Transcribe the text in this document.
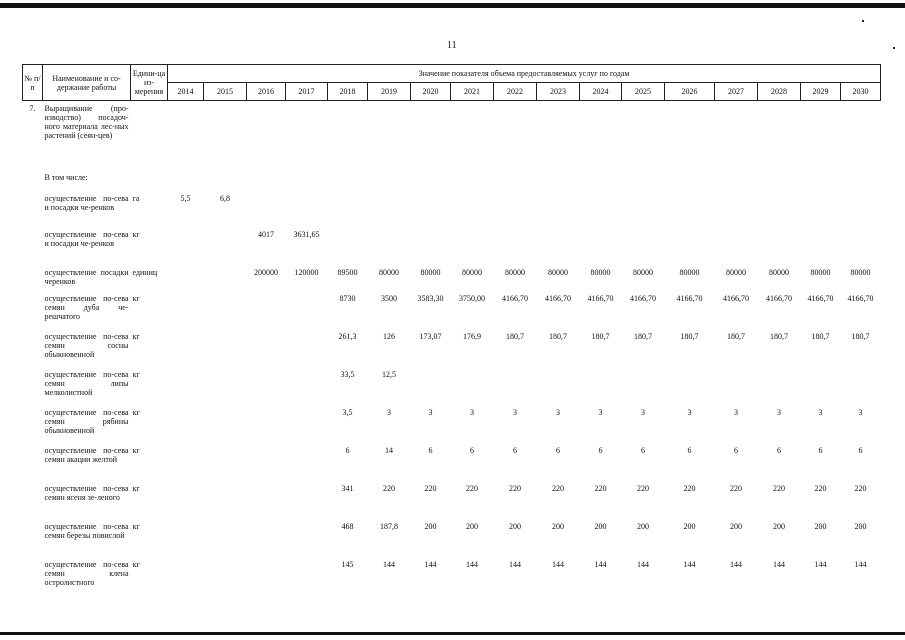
11
№ п/п	Наименование и со-держание работы	Едини-ца из-мерения	Значение показателя объема предоставляемых услуг по годам																
			2014	2015	2016	2017	2018	2019	2020	2021	2022	2023	2024	2025	2026	2027	2028	2029	2030
7.	Выращивание (про-изводство) посадоч-ного материала лес-ных растений (сеян-цев)																		
	В том числе:																		
	осуществление по-сева и посадки че-ренков	га	5,5	6,8															
	осуществление по-сева и посадки че-ренков	кг			4017	3631,65													
	осуществление посадки черенков	единиц			200000	120000	89500	80000	80000	80000	80000	80000	80000	80000	80000	80000	80000	80000	80000
	осуществление по-сева семян дуба че-решчатого	кг					8730	3500	3583,30	3750,00	4166,70	4166,70	4166,70	4166,70	4166,70	4166,70	4166,70	4166,70	4166,70
	осуществление по-сева семян сосны обыкновенной	кг					261,3	126	173,07	176,9	180,7	180,7	180,7	180,7	180,7	180,7	180,7	180,7	180,7
	осуществление по-сева семян липы мелколистной	кг					33,5	12,5											
	осуществление по-сева семян рябины обыкновенной	кг					3,5	3	3	3	3	3	3	3	3	3	3	3	3
	осуществление по-сева семян акации желтой	кг					6	14	6	6	6	6	6	6	6	6	6	6	6
	осуществление по-сева семян ясеня зе-леного	кг					341	220	220	220	220	220	220	220	220	220	220	220	220
	осуществление по-сева семян березы повислой	кг					468	187,8	200	200	200	200	200	200	200	200	200	200	200
	осуществление по-сева семян клена остролистного	кг					145	144	144	144	144	144	144	144	144	144	144	144	144
